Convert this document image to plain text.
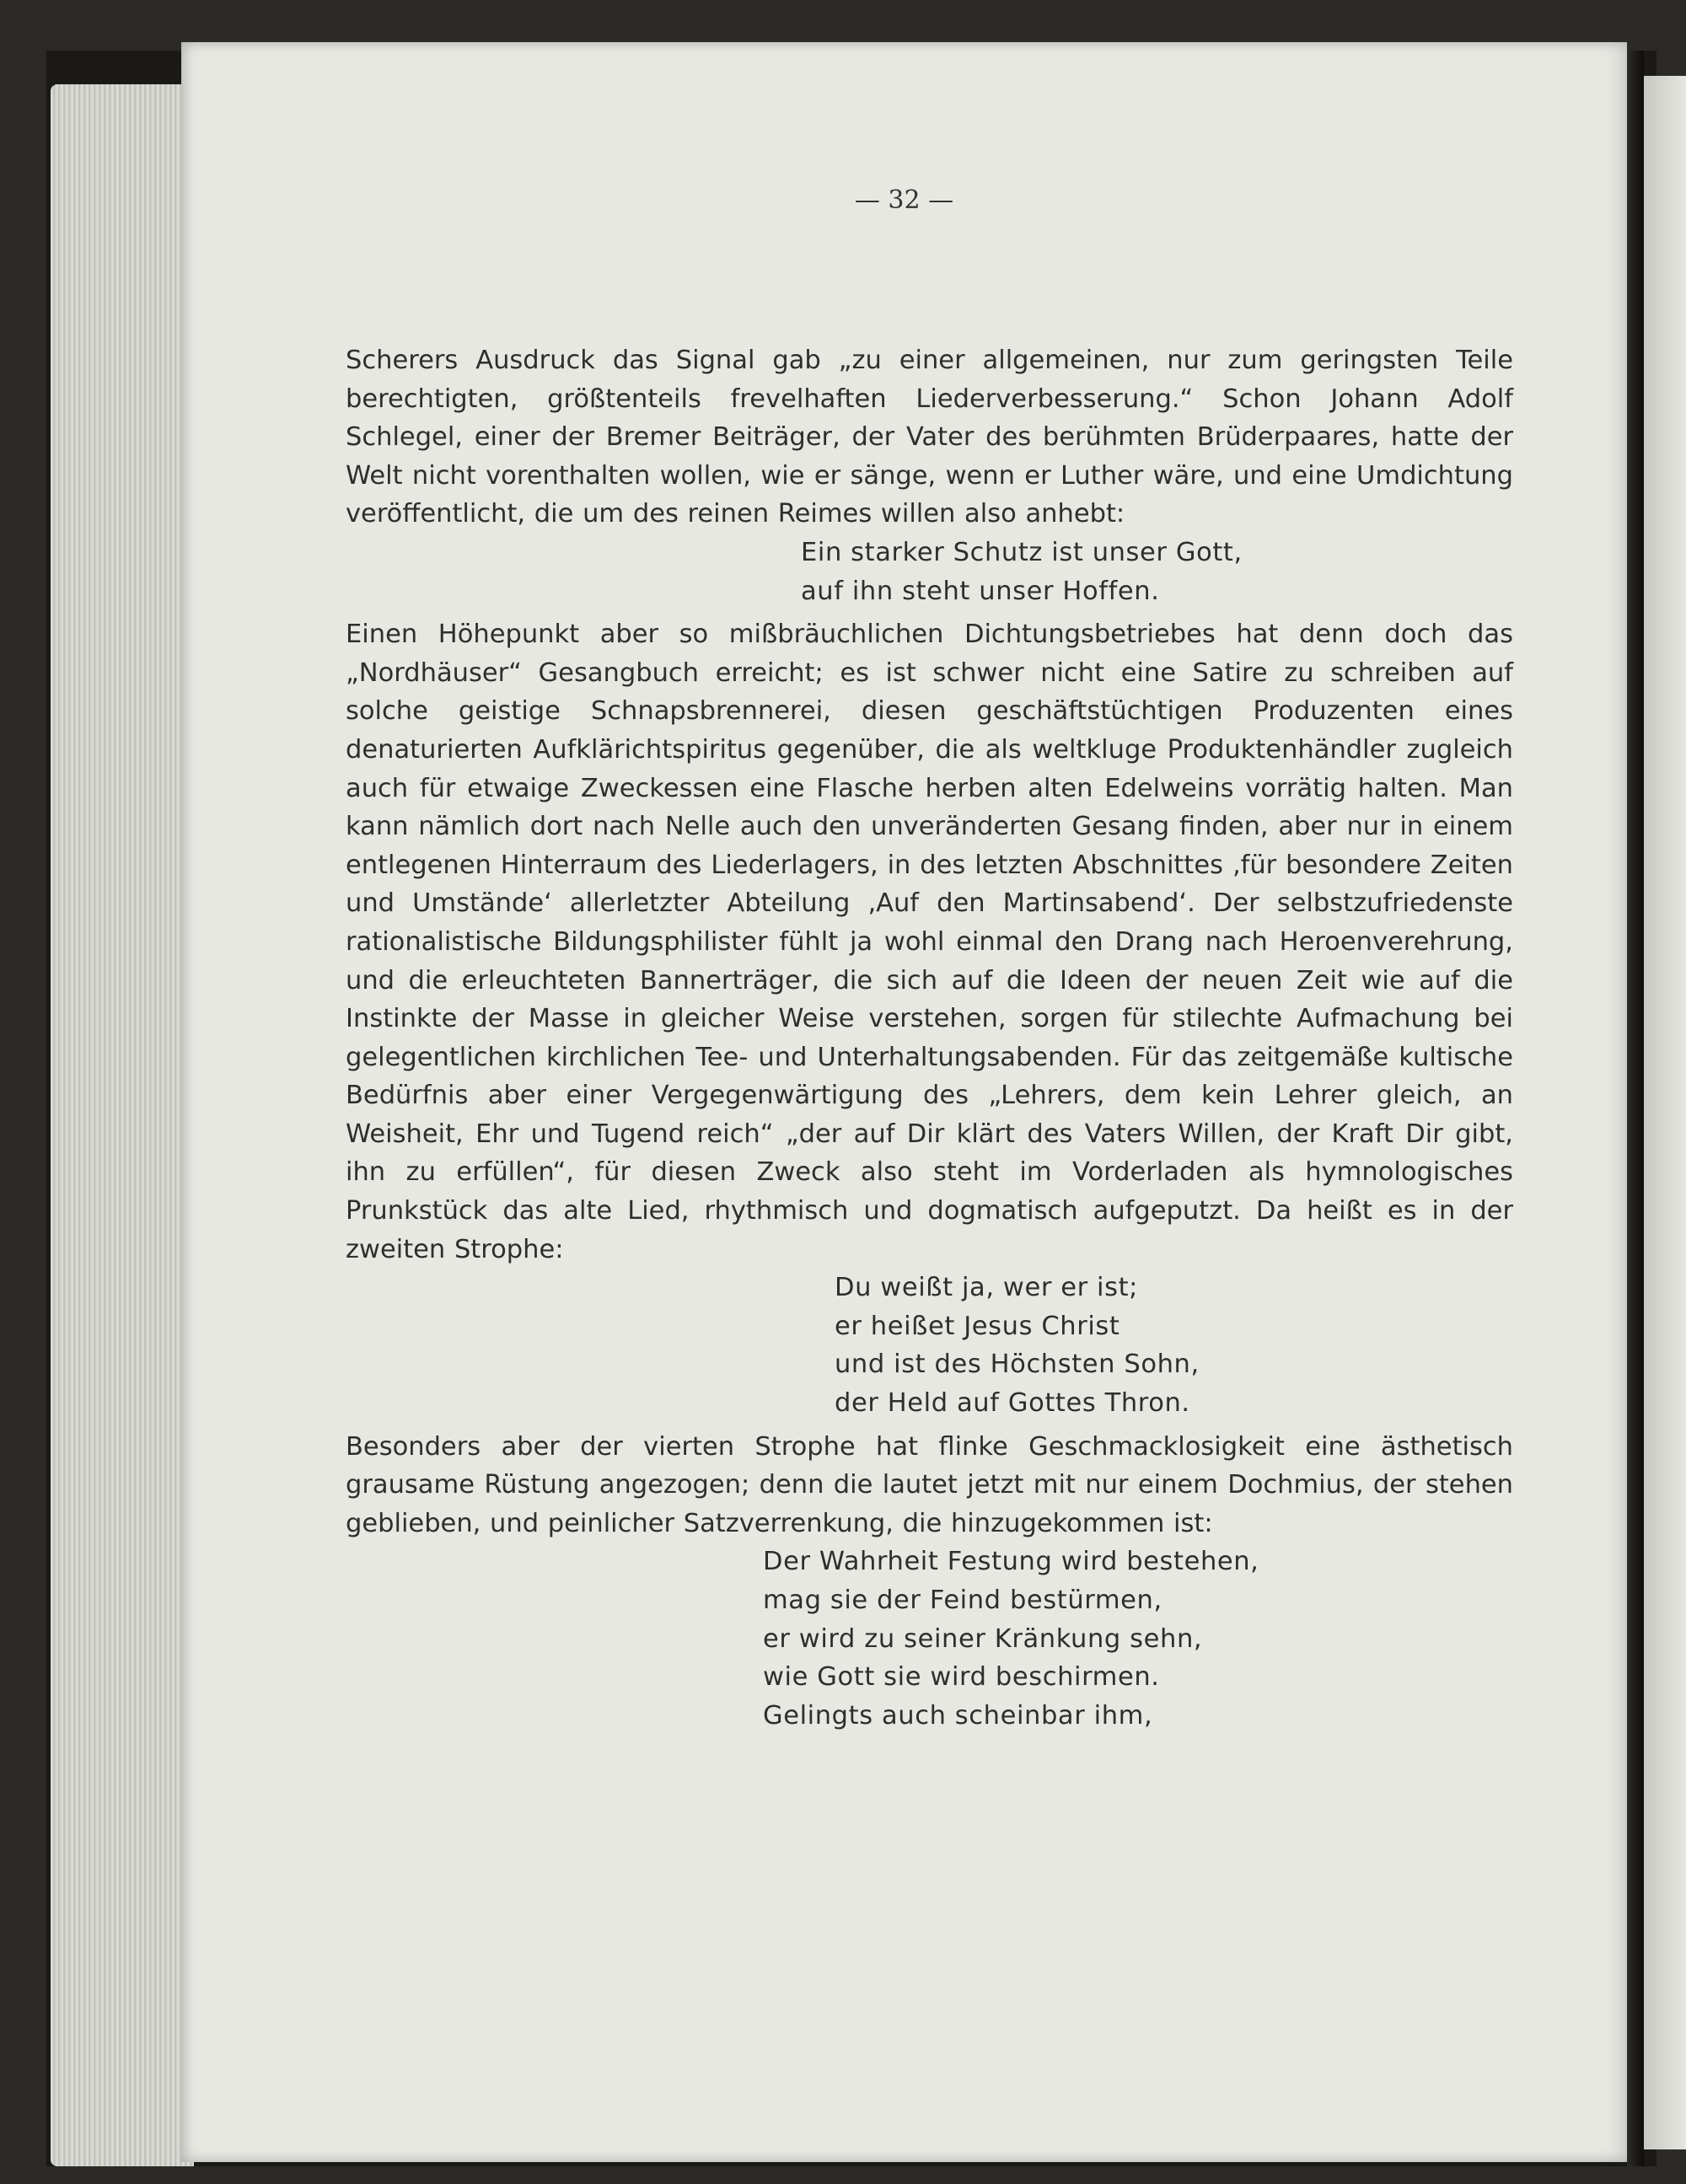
— 32 —

Scherers Ausdruck das Signal gab „zu einer allgemeinen, nur zum geringsten Teile berechtigten, größtenteils frevelhaften Liederverbesserung.“ Schon Johann Adolf Schlegel, einer der Bremer Beiträger, der Vater des berühmten Brüderpaares, hatte der Welt nicht vorenthalten wollen, wie er sänge, wenn er Luther wäre, und eine Umdichtung veröffentlicht, die um des reinen Reimes willen also anhebt:

Ein starker Schutz ist unser Gott,
auf ihn steht unser Hoffen.

Einen Höhepunkt aber so mißbräuchlichen Dichtungsbetriebes hat denn doch das „Nordhäuser“ Gesangbuch erreicht; es ist schwer nicht eine Satire zu schreiben auf solche geistige Schnapsbrennerei, diesen geschäftstüchtigen Produzenten eines denaturierten Aufklärichtspiritus gegenüber, die als weltkluge Produktenhändler zugleich auch für etwaige Zweckessen eine Flasche herben alten Edelweins vorrätig halten. Man kann nämlich dort nach Nelle auch den unveränderten Gesang finden, aber nur in einem entlegenen Hinterraum des Liederlagers, in des letzten Abschnittes ‚für besondere Zeiten und Umstände‘ allerletzter Abteilung ‚Auf den Martinsabend‘. Der selbstzufriedenste rationalistische Bildungsphilister fühlt ja wohl einmal den Drang nach Heroenverehrung, und die erleuchteten Bannerträger, die sich auf die Ideen der neuen Zeit wie auf die Instinkte der Masse in gleicher Weise verstehen, sorgen für stilechte Aufmachung bei gelegentlichen kirchlichen Tee- und Unterhaltungsabenden. Für das zeitgemäße kultische Bedürfnis aber einer Vergegenwärtigung des „Lehrers, dem kein Lehrer gleich, an Weisheit, Ehr und Tugend reich“ „der auf Dir klärt des Vaters Willen, der Kraft Dir gibt, ihn zu erfüllen“, für diesen Zweck also steht im Vorderladen als hymnologisches Prunkstück das alte Lied, rhythmisch und dogmatisch aufgeputzt. Da heißt es in der zweiten Strophe:

Du weißt ja, wer er ist;
er heißet Jesus Christ
und ist des Höchsten Sohn,
der Held auf Gottes Thron.

Besonders aber der vierten Strophe hat flinke Geschmacklosigkeit eine ästhetisch grausame Rüstung angezogen; denn die lautet jetzt mit nur einem Dochmius, der stehen geblieben, und peinlicher Satzverrenkung, die hinzugekommen ist:

Der Wahrheit Festung wird bestehen,
mag sie der Feind bestürmen,
er wird zu seiner Kränkung sehn,
wie Gott sie wird beschirmen.
Gelingts auch scheinbar ihm,
